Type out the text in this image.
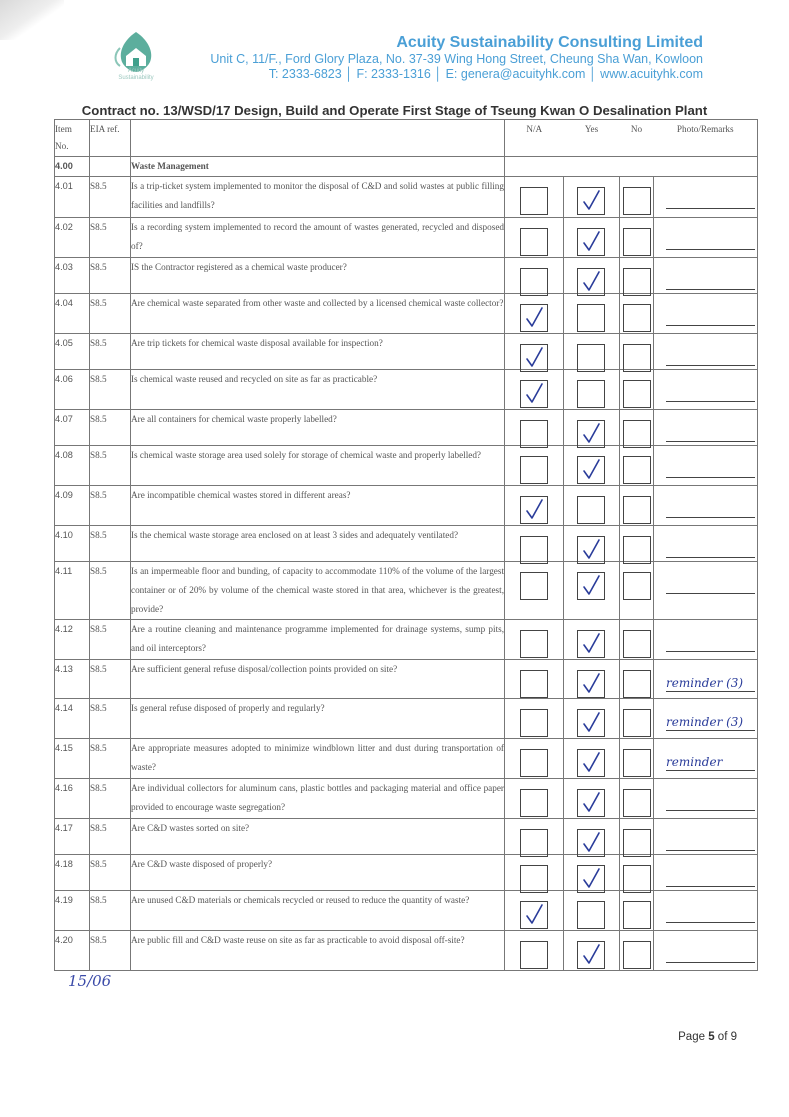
Acuity
Sustainability
Acuity Sustainability Consulting Limited
Unit C, 11/F., Ford Glory Plaza, No. 37-39 Wing Hong Street, Cheung Sha Wan, Kowloon
T: 2333-6823 │ F: 2333-1316 │ E: genera@acuityhk.com │ www.acuityhk.com
Contract no. 13/WSD/17 Design, Build and Operate First Stage of Tseung Kwan O Desalination Plant
Item
No.	EIA ref.		N/A	Yes	No	Photo/Remarks
4.00		Waste Management				
4.01	S8.5	Is a trip-ticket system implemented to monitor the disposal of C&D and solid wastes at public filling facilities and landfills?	

4.02	S8.5	Is a recording system implemented to record the amount of wastes generated, recycled and disposed of?	

4.03	S8.5	IS the Contractor registered as a chemical waste producer?	

4.04	S8.5	Are chemical waste separated from other waste and collected by a licensed chemical waste collector?	

4.05	S8.5	Are trip tickets for chemical waste disposal available for inspection?	

4.06	S8.5	Is chemical waste reused and recycled on site as far as practicable?	

4.07	S8.5	Are all containers for chemical waste properly labelled?	

4.08	S8.5	Is chemical waste storage area used solely for storage of chemical waste and properly labelled?	

4.09	S8.5	Are incompatible chemical wastes stored in different areas?	

4.10	S8.5	Is the chemical waste storage area enclosed on at least 3 sides and adequately ventilated?	

4.11	S8.5	Is an impermeable floor and bunding, of capacity to accommodate 110% of the volume of the largest container or of 20% by volume of the chemical waste stored in that area, whichever is the greatest, provide?	

4.12	S8.5	Are a routine cleaning and maintenance programme implemented for drainage systems, sump pits, and oil interceptors?	

4.13	S8.5	Are sufficient general refuse disposal/collection points provided on site?				reminder (3)

4.14	S8.5	Is general refuse disposed of properly and regularly?				reminder (3)

4.15	S8.5	Are appropriate measures adopted to minimize windblown litter and dust during transportation of waste?				reminder

4.16	S8.5	Are individual collectors for aluminum cans, plastic bottles and packaging material and office paper provided to encourage waste segregation?	

4.17	S8.5	Are C&D wastes sorted on site?	

4.18	S8.5	Are C&D waste disposed of properly?	

4.19	S8.5	Are unused C&D materials or chemicals recycled or reused to reduce the quantity of waste?	

4.20	S8.5	Are public fill and C&D waste reuse on site as far as practicable to avoid disposal off-site?	

15/06
Page 5 of 9
